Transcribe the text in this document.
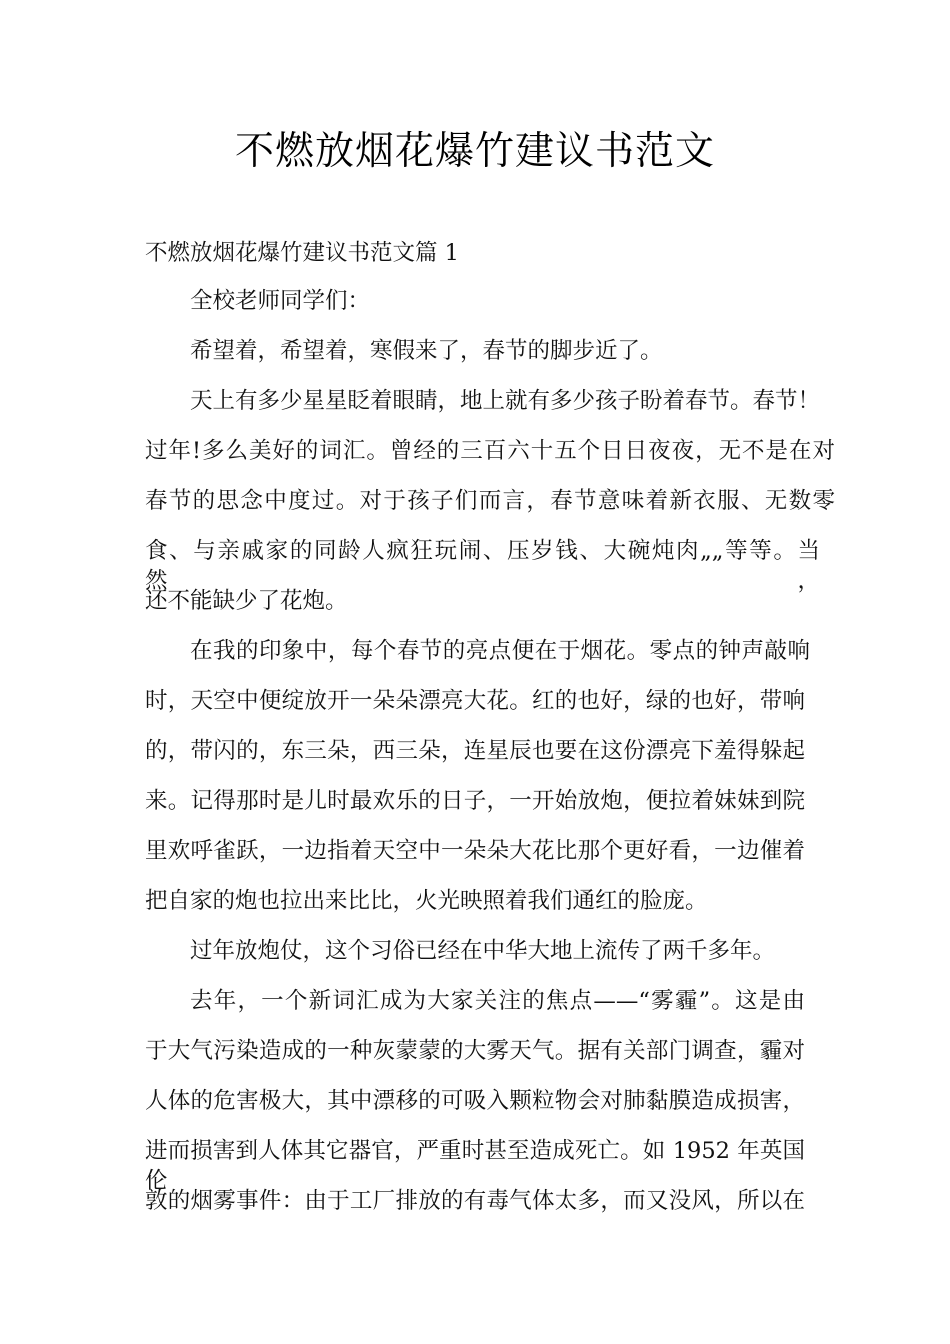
不燃放烟花爆竹建议书范文
不燃放烟花爆竹建议书范文篇 1
全校老师同学们：
希望着，希望着，寒假来了，春节的脚步近了。
天上有多少星星眨着眼睛，地上就有多少孩子盼着春节。春节！
过年!多么美好的词汇。曾经的三百六十五个日日夜夜，无不是在对
春节的思念中度过。对于孩子们而言，春节意味着新衣服、无数零
食、与亲戚家的同龄人疯狂玩闹、压岁钱、大碗炖肉„„等等。当然，
还不能缺少了花炮。
在我的印象中，每个春节的亮点便在于烟花。零点的钟声敲响
时，天空中便绽放开一朵朵漂亮大花。红的也好，绿的也好，带响
的，带闪的，东三朵，西三朵，连星辰也要在这份漂亮下羞得躲起
来。记得那时是儿时最欢乐的日子，一开始放炮，便拉着妹妹到院
里欢呼雀跃，一边指着天空中一朵朵大花比那个更好看，一边催着
把自家的炮也拉出来比比，火光映照着我们通红的脸庞。
过年放炮仗，这个习俗已经在中华大地上流传了两千多年。
去年，一个新词汇成为大家关注的焦点——“雾霾”。这是由
于大气污染造成的一种灰蒙蒙的大雾天气。据有关部门调查，霾对
人体的危害极大，其中漂移的可吸入颗粒物会对肺黏膜造成损害，
进而损害到人体其它器官，严重时甚至造成死亡。如 1952 年英国伦
敦的烟雾事件：由于工厂排放的有毒气体太多，而又没风，所以在
